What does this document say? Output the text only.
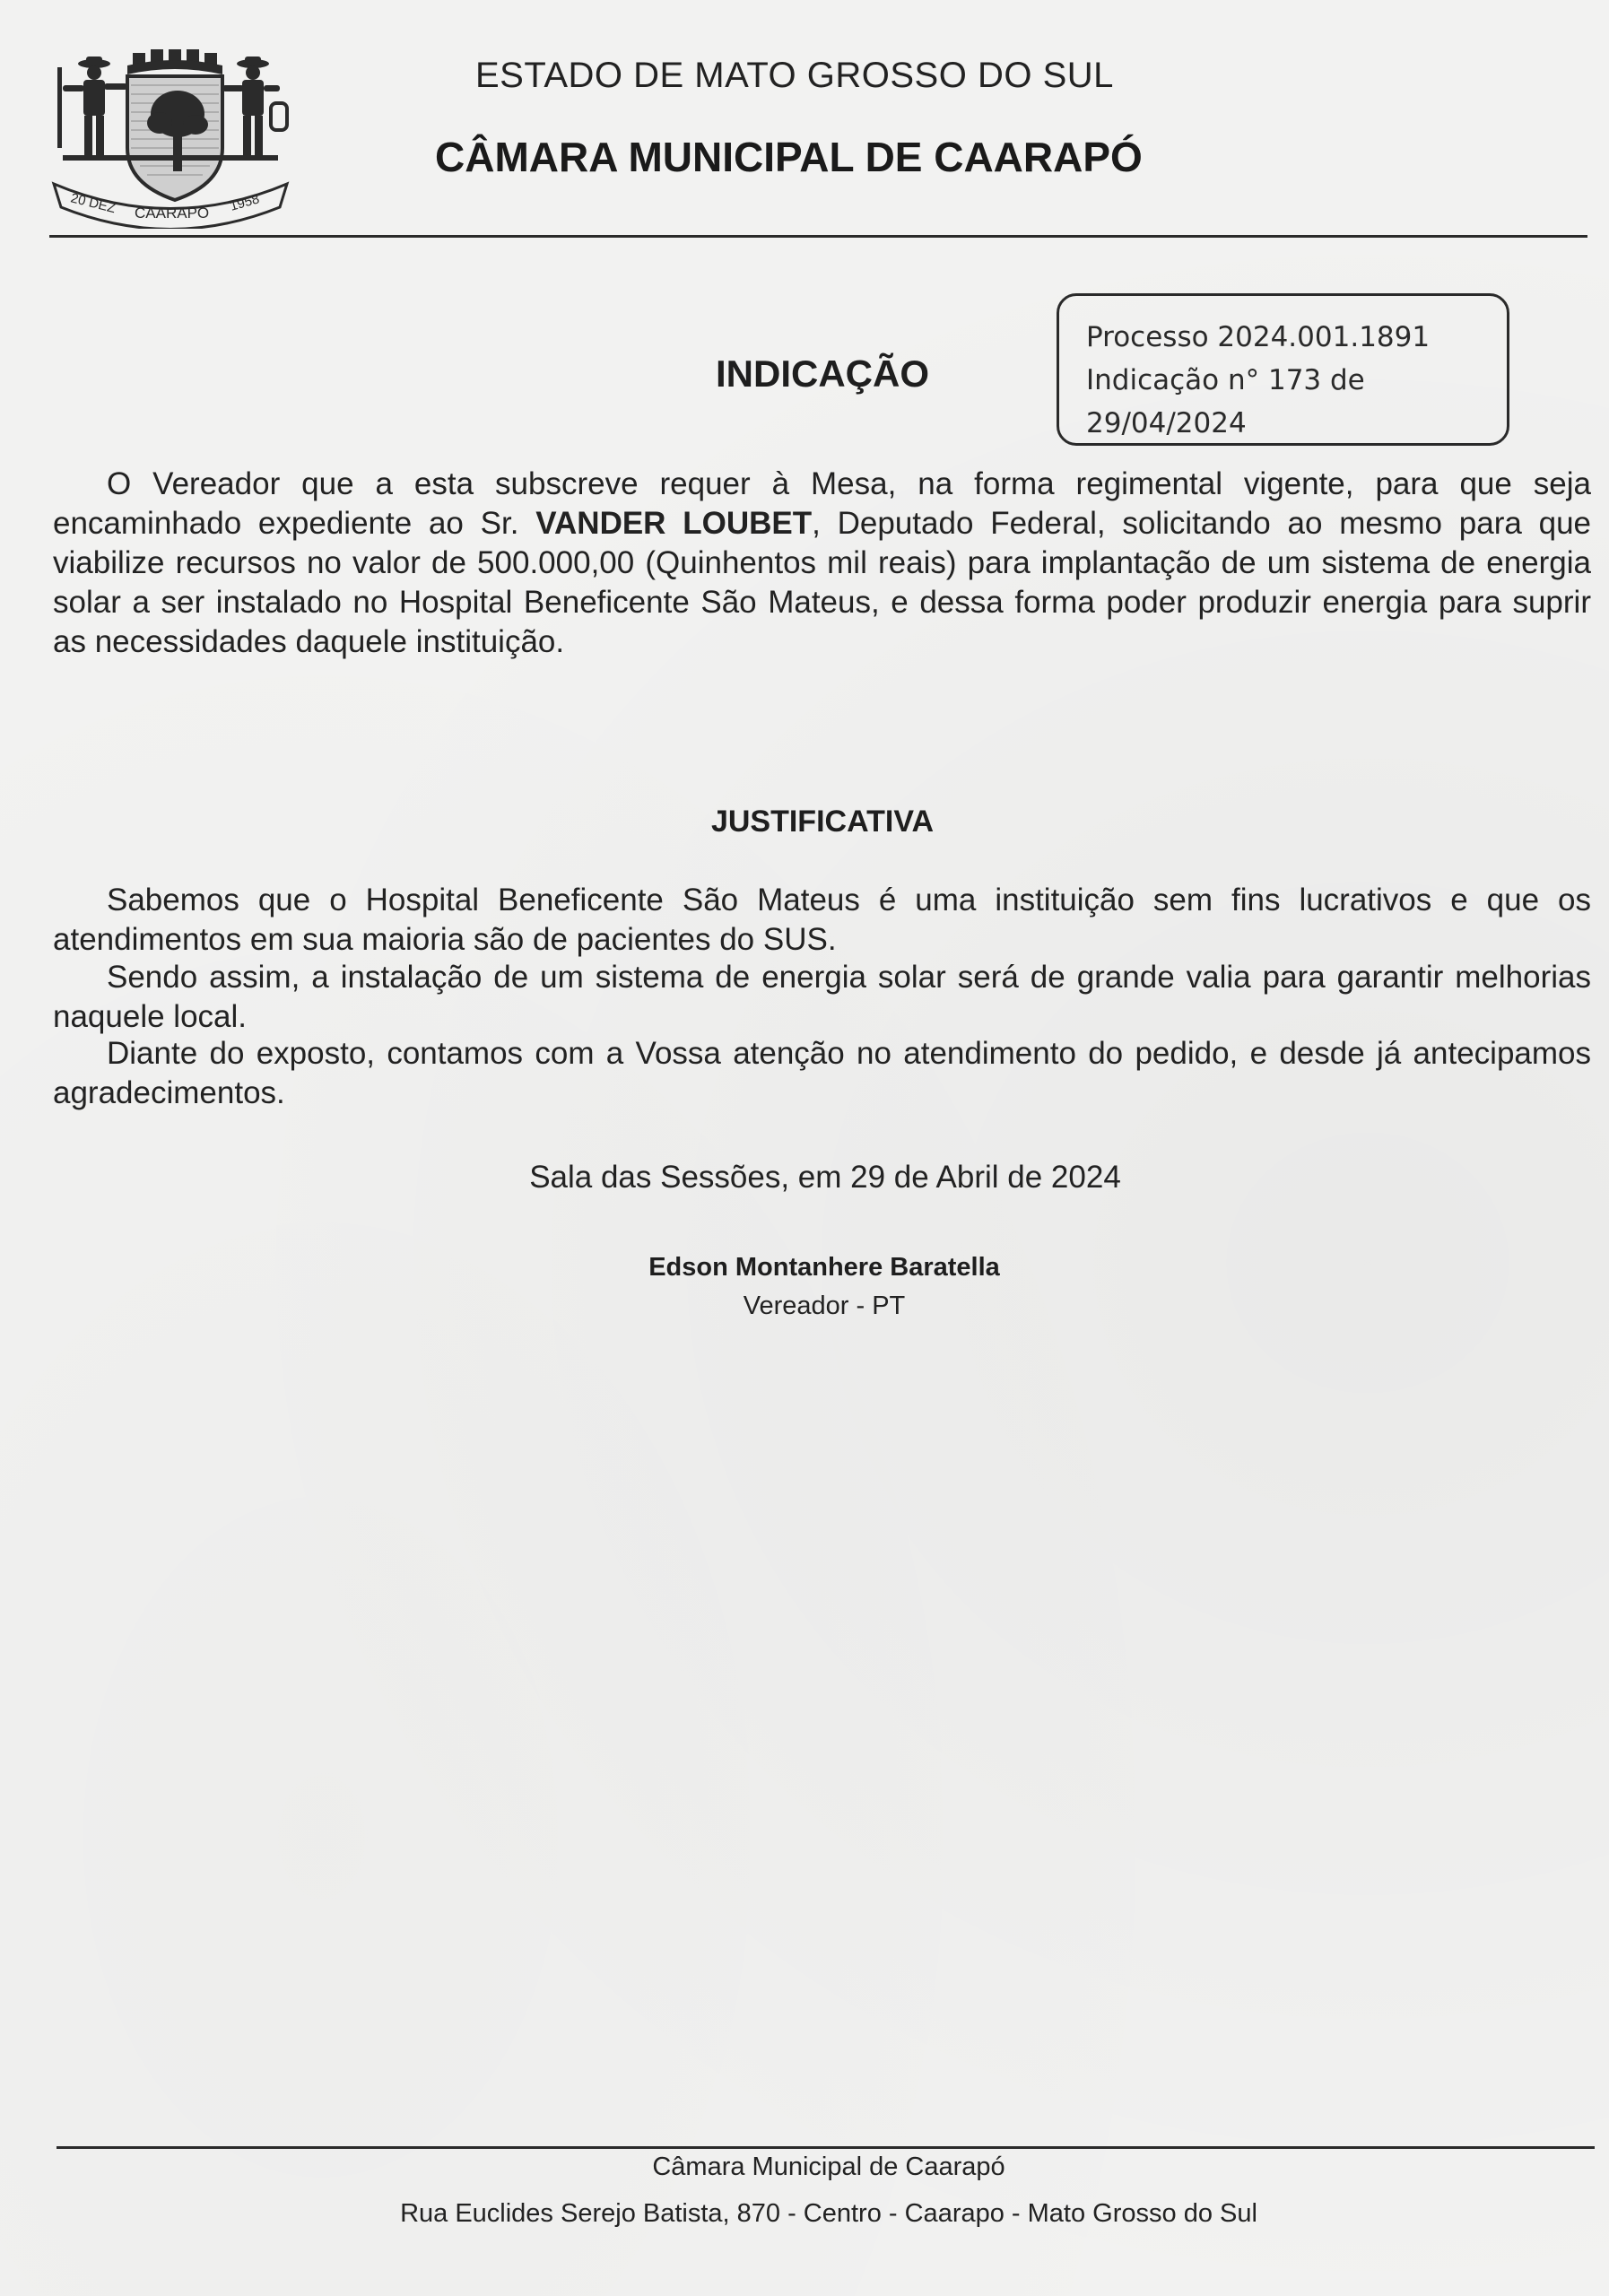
20 DEZ CAARAPO 1958
ESTADO DE MATO GROSSO DO SUL
CÂMARA MUNICIPAL DE CAARAPÓ
Processo 2024.001.1891
Indicação n° 173 de
29/04/2024
INDICAÇÃO
O Vereador que a esta subscreve requer à Mesa, na forma regimental vigente, para que seja encaminhado expediente ao Sr. VANDER LOUBET, Deputado Federal, solicitando ao mesmo para que viabilize recursos no valor de 500.000,00 (Quinhentos mil reais) para implantação de um sistema de energia solar a ser instalado no Hospital Beneficente São Mateus, e dessa forma poder produzir energia para suprir as necessidades daquele instituição.
JUSTIFICATIVA
Sabemos que o Hospital Beneficente São Mateus é uma instituição sem fins lucrativos e que os atendimentos em sua maioria são de pacientes do SUS.
Sendo assim, a instalação de um sistema de energia solar será de grande valia para garantir melhorias naquele local.
Diante do exposto, contamos com a Vossa atenção no atendimento do pedido, e desde já antecipamos agradecimentos.
Sala das Sessões, em 29 de Abril de 2024
Edson Montanhere Baratella
Vereador - PT
Câmara Municipal de Caarapó
Rua Euclides Serejo Batista, 870 - Centro - Caarapo - Mato Grosso do Sul
